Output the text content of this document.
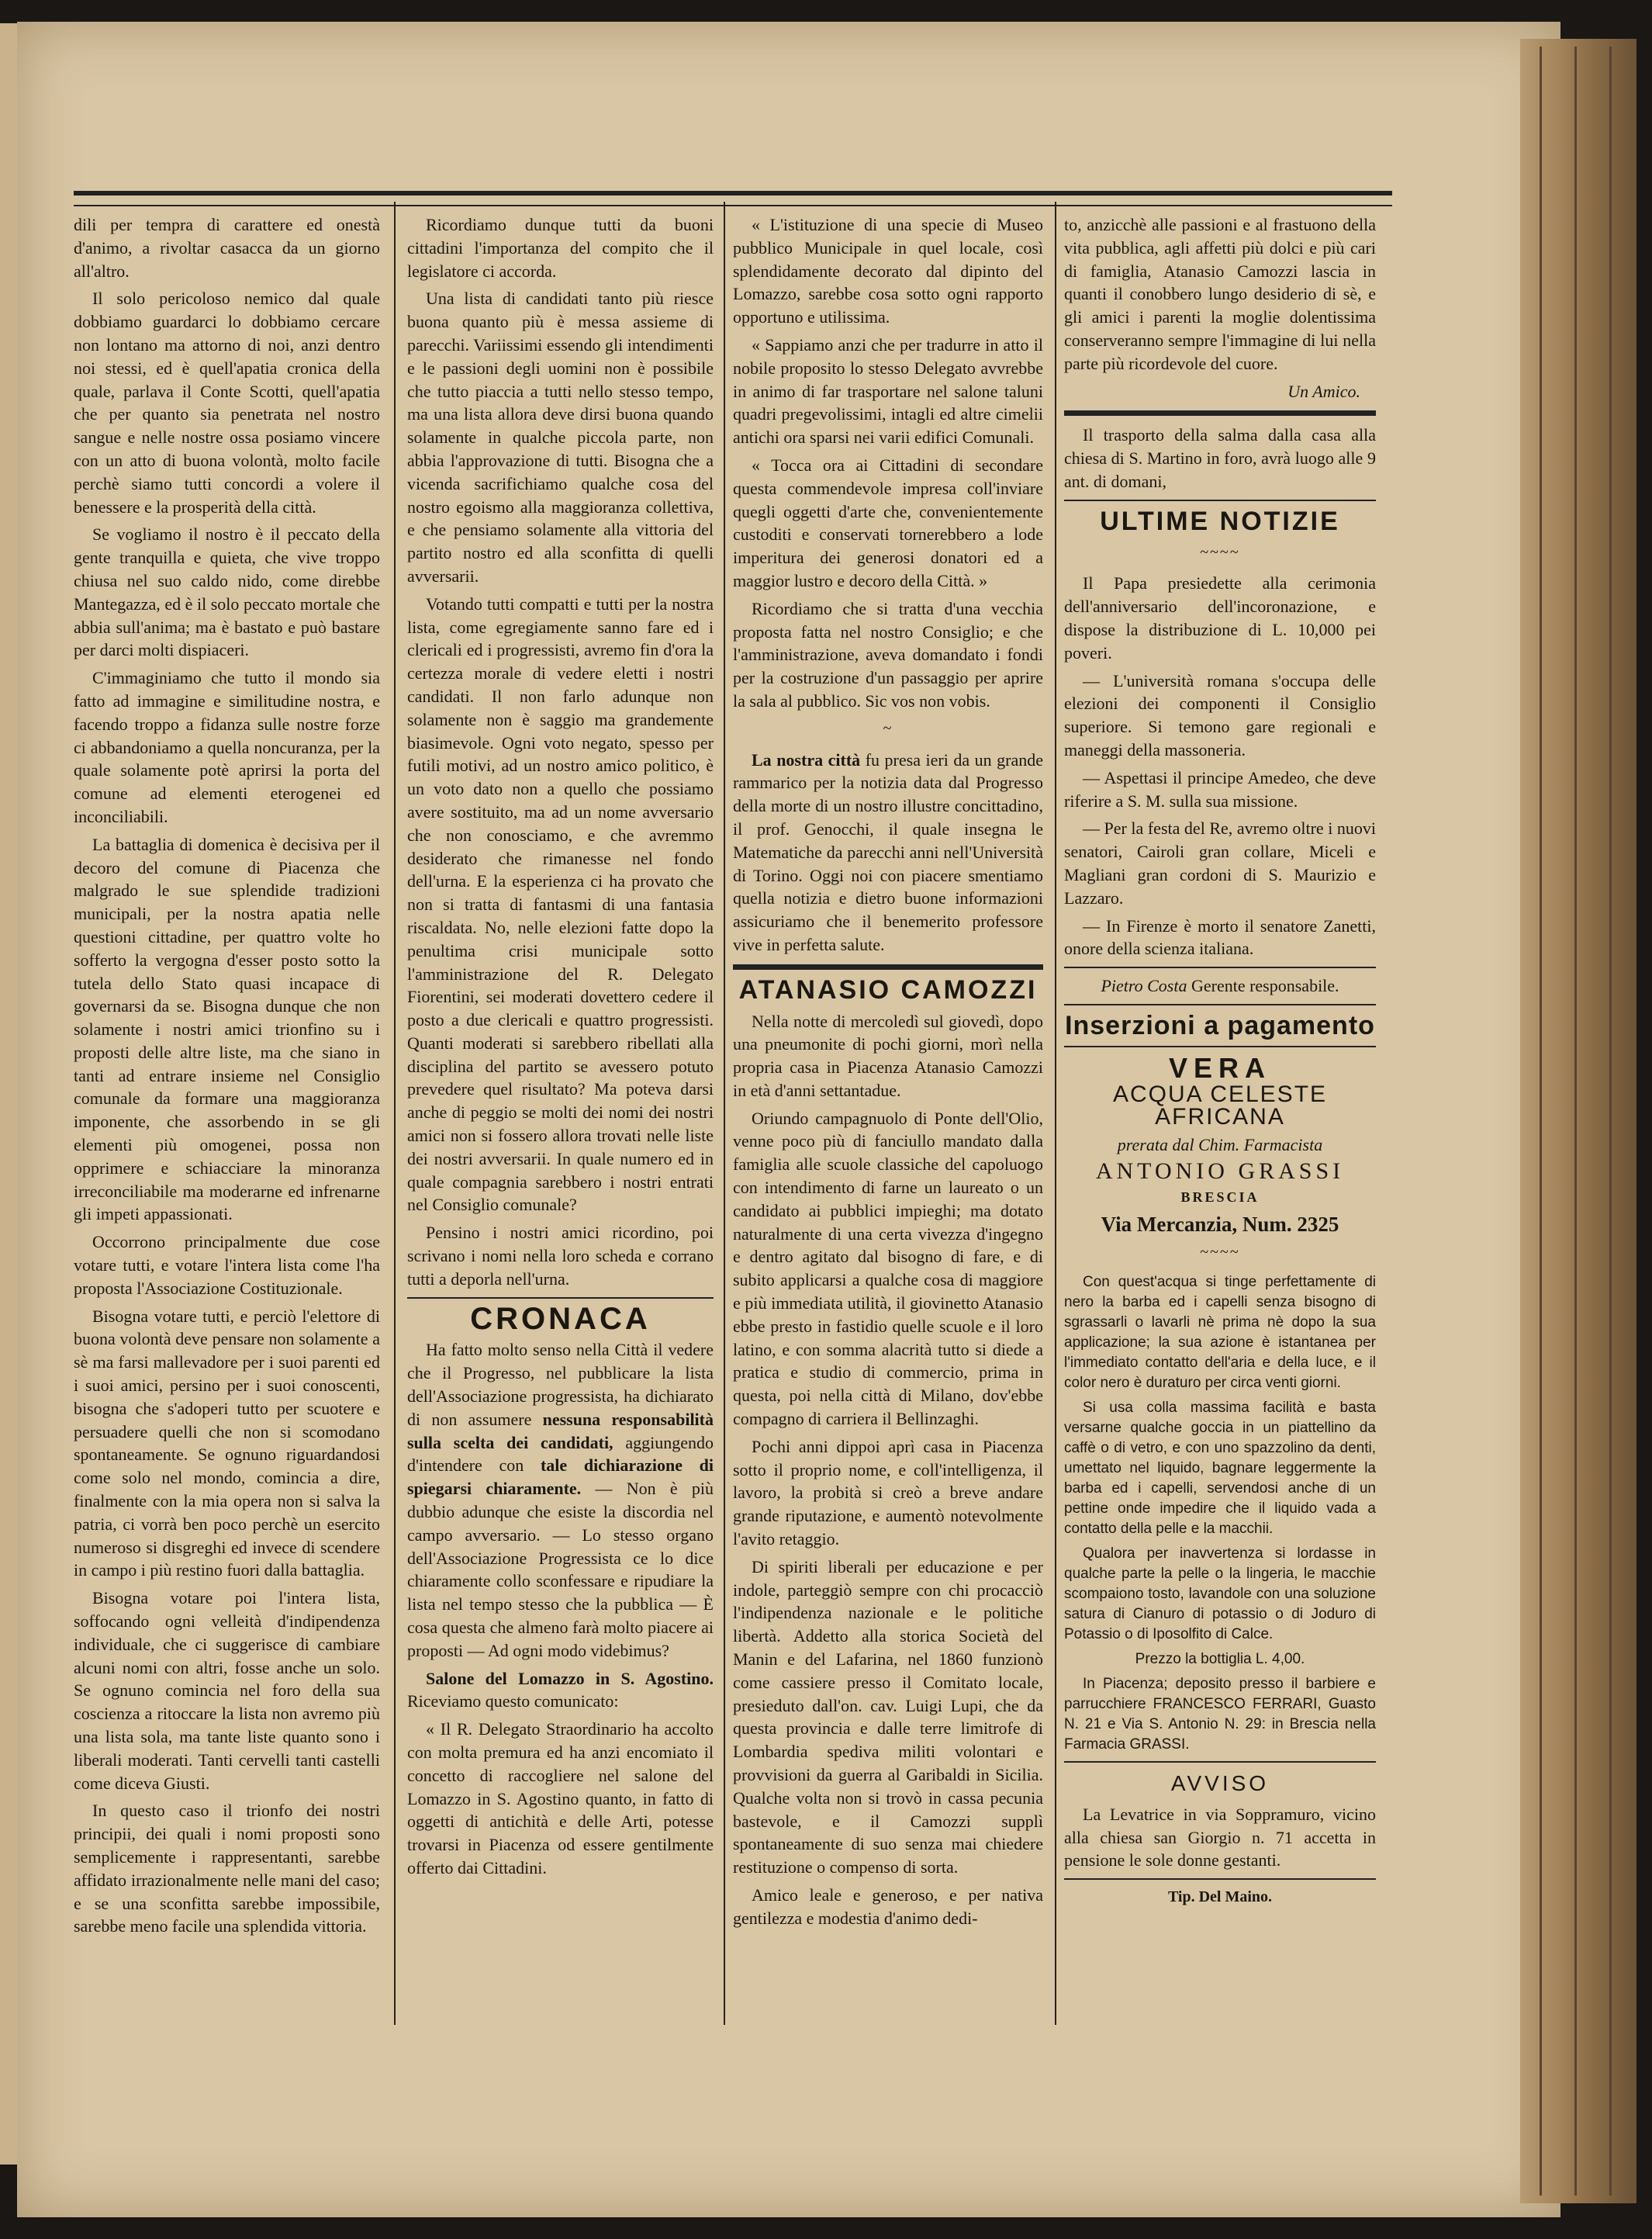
dili per tempra di carattere ed onestà d'animo, a rivoltar casacca da un giorno all'altro.

Il solo pericoloso nemico dal quale dobbiamo guardarci lo dobbiamo cercare non lontano ma attorno di noi, anzi dentro noi stessi, ed è quell'apatia cronica della quale, parlava il Conte Scotti, quell'apatia che per quanto sia penetrata nel nostro sangue e nelle nostre ossa posiamo vincere con un atto di buona volontà, molto facile perchè siamo tutti concordi a volere il benessere e la prosperità della città.

Se vogliamo il nostro è il peccato della gente tranquilla e quieta, che vive troppo chiusa nel suo caldo nido, come direbbe Mantegazza, ed è il solo peccato mortale che abbia sull'anima; ma è bastato e può bastare per darci molti dispiaceri.

C'immaginiamo che tutto il mondo sia fatto ad immagine e similitudine nostra, e facendo troppo a fidanza sulle nostre forze ci abbandoniamo a quella noncuranza, per la quale solamente potè aprirsi la porta del comune ad elementi eterogenei ed inconciliabili.

La battaglia di domenica è decisiva per il decoro del comune di Piacenza che malgrado le sue splendide tradizioni municipali, per la nostra apatia nelle questioni cittadine, per quattro volte ho sofferto la vergogna d'esser posto sotto la tutela dello Stato quasi incapace di governarsi da se. Bisogna dunque che non solamente i nostri amici trionfino su i proposti delle altre liste, ma che siano in tanti ad entrare insieme nel Consiglio comunale da formare una maggioranza imponente, che assorbendo in se gli elementi più omogenei, possa non opprimere e schiacciare la minoranza irreconciliabile ma moderarne ed infrenarne gli impeti appassionati.

Occorrono principalmente due cose votare tutti, e votare l'intera lista come l'ha proposta l'Associazione Costituzionale.

Bisogna votare tutti, e perciò l'elettore di buona volontà deve pensare non solamente a sè ma farsi mallevadore per i suoi parenti ed i suoi amici, persino per i suoi conoscenti, bisogna che s'adoperi tutto per scuotere e persuadere quelli che non si scomodano spontaneamente. Se ognuno riguardandosi come solo nel mondo, comincia a dire, finalmente con la mia opera non si salva la patria, ci vorrà ben poco perchè un esercito numeroso si disgreghi ed invece di scendere in campo i più restino fuori dalla battaglia.

Bisogna votare poi l'intera lista, soffocando ogni velleità d'indipendenza individuale, che ci suggerisce di cambiare alcuni nomi con altri, fosse anche un solo. Se ognuno comincia nel foro della sua coscienza a ritoccare la lista non avremo più una lista sola, ma tante liste quanto sono i liberali moderati. Tanti cervelli tanti castelli come diceva Giusti.

In questo caso il trionfo dei nostri principii, dei quali i nomi proposti sono semplicemente i rappresentanti, sarebbe affidato irrazionalmente nelle mani del caso; e se una sconfitta sarebbe impossibile, sarebbe meno facile una splendida vittoria.

Ricordiamo dunque tutti da buoni cittadini l'importanza del compito che il legislatore ci accorda.

Una lista di candidati tanto più riesce buona quanto più è messa assieme di parecchi. Variissimi essendo gli intendimenti e le passioni degli uomini non è possibile che tutto piaccia a tutti nello stesso tempo, ma una lista allora deve dirsi buona quando solamente in qualche piccola parte, non abbia l'approvazione di tutti. Bisogna che a vicenda sacrifichiamo qualche cosa del nostro egoismo alla maggioranza collettiva, e che pensiamo solamente alla vittoria del partito nostro ed alla sconfitta di quelli avversarii.

Votando tutti compatti e tutti per la nostra lista, come egregiamente sanno fare ed i clericali ed i progressisti, avremo fin d'ora la certezza morale di vedere eletti i nostri candidati. Il non farlo adunque non solamente non è saggio ma grandemente biasimevole. Ogni voto negato, spesso per futili motivi, ad un nostro amico politico, è un voto dato non a quello che possiamo avere sostituito, ma ad un nome avversario che non conosciamo, e che avremmo desiderato che rimanesse nel fondo dell'urna. E la esperienza ci ha provato che non si tratta di fantasmi di una fantasia riscaldata. No, nelle elezioni fatte dopo la penultima crisi municipale sotto l'amministrazione del R. Delegato Fiorentini, sei moderati dovettero cedere il posto a due clericali e quattro progressisti. Quanti moderati si sarebbero ribellati alla disciplina del partito se avessero potuto prevedere quel risultato? Ma poteva darsi anche di peggio se molti dei nomi dei nostri amici non si fossero allora trovati nelle liste dei nostri avversarii. In quale numero ed in quale compagnia sarebbero i nostri entrati nel Consiglio comunale?

Pensino i nostri amici ricordino, poi scrivano i nomi nella loro scheda e corrano tutti a deporla nell'urna.

CRONACA

Ha fatto molto senso nella Città il vedere che il Progresso, nel pubblicare la lista dell'Associazione progressista, ha dichiarato di non assumere nessuna responsabilità sulla scelta dei candidati, aggiungendo d'intendere con tale dichiarazione di spiegarsi chiaramente. — Non è più dubbio adunque che esiste la discordia nel campo avversario. — Lo stesso organo dell'Associazione Progressista ce lo dice chiaramente collo sconfessare e ripudiare la lista nel tempo stesso che la pubblica — È cosa questa che almeno farà molto piacere ai proposti — Ad ogni modo videbimus?

Salone del Lomazzo in S. Agostino. Riceviamo questo comunicato:

« Il R. Delegato Straordinario ha accolto con molta premura ed ha anzi encomiato il concetto di raccogliere nel salone del Lomazzo in S. Agostino quanto, in fatto di oggetti di antichità e delle Arti, potesse trovarsi in Piacenza od essere gentilmente offerto dai Cittadini.

« L'istituzione di una specie di Museo pubblico Municipale in quel locale, così splendidamente decorato dal dipinto del Lomazzo, sarebbe cosa sotto ogni rapporto opportuno e utilissima.

« Sappiamo anzi che per tradurre in atto il nobile proposito lo stesso Delegato avvrebbe in animo di far trasportare nel salone taluni quadri pregevolissimi, intagli ed altre cimelii antichi ora sparsi nei varii edifici Comunali.

« Tocca ora ai Cittadini di secondare questa commendevole impresa coll'inviare quegli oggetti d'arte che, convenientemente custoditi e conservati tornerebbero a lode imperitura dei generosi donatori ed a maggior lustro e decoro della Città. »

Ricordiamo che si tratta d'una vecchia proposta fatta nel nostro Consiglio; e che l'amministrazione, aveva domandato i fondi per la costruzione d'un passaggio per aprire la sala al pubblico. Sic vos non vobis.

~

La nostra città fu presa ieri da un grande rammarico per la notizia data dal Progresso della morte di un nostro illustre concittadino, il prof. Genocchi, il quale insegna le Matematiche da parecchi anni nell'Università di Torino. Oggi noi con piacere smentiamo quella notizia e dietro buone informazioni assicuriamo che il benemerito professore vive in perfetta salute.

ATANASIO CAMOZZI

Nella notte di mercoledì sul giovedì, dopo una pneumonite di pochi giorni, morì nella propria casa in Piacenza Atanasio Camozzi in età d'anni settantadue.

Oriundo campagnuolo di Ponte dell'Olio, venne poco più di fanciullo mandato dalla famiglia alle scuole classiche del capoluogo con intendimento di farne un laureato o un candidato ai pubblici impieghi; ma dotato naturalmente di una certa vivezza d'ingegno e dentro agitato dal bisogno di fare, e di subito applicarsi a qualche cosa di maggiore e più immediata utilità, il giovinetto Atanasio ebbe presto in fastidio quelle scuole e il loro latino, e con somma alacrità tutto si diede a pratica e studio di commercio, prima in questa, poi nella città di Milano, dov'ebbe compagno di carriera il Bellinzaghi.

Pochi anni dippoi aprì casa in Piacenza sotto il proprio nome, e coll'intelligenza, il lavoro, la probità si creò a breve andare grande riputazione, e aumentò notevolmente l'avito retaggio.

Di spiriti liberali per educazione e per indole, parteggiò sempre con chi procacciò l'indipendenza nazionale e le politiche libertà. Addetto alla storica Società del Manin e del Lafarina, nel 1860 funzionò come cassiere presso il Comitato locale, presieduto dall'on. cav. Luigi Lupi, che da questa provincia e dalle terre limitrofe di Lombardia spediva militi volontari e provvisioni da guerra al Garibaldi in Sicilia. Qualche volta non si trovò in cassa pecunia bastevole, e il Camozzi supplì spontaneamente di suo senza mai chiedere restituzione o compenso di sorta.

Amico leale e generoso, e per nativa gentilezza e modestia d'animo dedi-

to, anzicchè alle passioni e al frastuono della vita pubblica, agli affetti più dolci e più cari di famiglia, Atanasio Camozzi lascia in quanti il conobbero lungo desiderio di sè, e gli amici i parenti la moglie dolentissima conserveranno sempre l'immagine di lui nella parte più ricordevole del cuore.

Un Amico.

Il trasporto della salma dalla casa alla chiesa di S. Martino in foro, avrà luogo alle 9 ant. di domani,

ULTIME NOTIZIE
~~~~

Il Papa presiedette alla cerimonia dell'anniversario dell'incoronazione, e dispose la distribuzione di L. 10,000 pei poveri.

— L'università romana s'occupa delle elezioni dei componenti il Consiglio superiore. Si temono gare regionali e maneggi della massoneria.

— Aspettasi il principe Amedeo, che deve riferire a S. M. sulla sua missione.

— Per la festa del Re, avremo oltre i nuovi senatori, Cairoli gran collare, Miceli e Magliani gran cordoni di S. Maurizio e Lazzaro.

— In Firenze è morto il senatore Zanetti, onore della scienza italiana.

Pietro Costa Gerente responsabile.
Inserzioni a pagamento
VERA
ACQUA CELESTE AFRICANA
prerata dal Chim. Farmacista
ANTONIO GRASSI
BRESCIA
Via Mercanzia, Num. 2325
~~~~

Con quest'acqua si tinge perfettamente di nero la barba ed i capelli senza bisogno di sgrassarli o lavarli nè prima nè dopo la sua applicazione; la sua azione è istantanea per l'immediato contatto dell'aria e della luce, e il color nero è duraturo per circa venti giorni.

Si usa colla massima facilità e basta versarne qualche goccia in un piattellino da caffè o di vetro, e con uno spazzolino da denti, umettato nel liquido, bagnare leggermente la barba ed i capelli, servendosi anche di un pettine onde impedire che il liquido vada a contatto della pelle e la macchii.

Qualora per inavvertenza si lordasse in qualche parte la pelle o la lingeria, le macchie scompaiono tosto, lavandole con una soluzione satura di Cianuro di potassio o di Joduro di Potassio o di Iposolfito di Calce.

Prezzo la bottiglia L. 4,00.

In Piacenza; deposito presso il barbiere e parrucchiere FRANCESCO FERRARI, Guasto N. 21 e Via S. Antonio N. 29: in Brescia nella Farmacia GRASSI.

AVVISO

La Levatrice in via Soppramuro, vicino alla chiesa san Giorgio n. 71 accetta in pensione le sole donne gestanti.

Tip. Del Maino.
